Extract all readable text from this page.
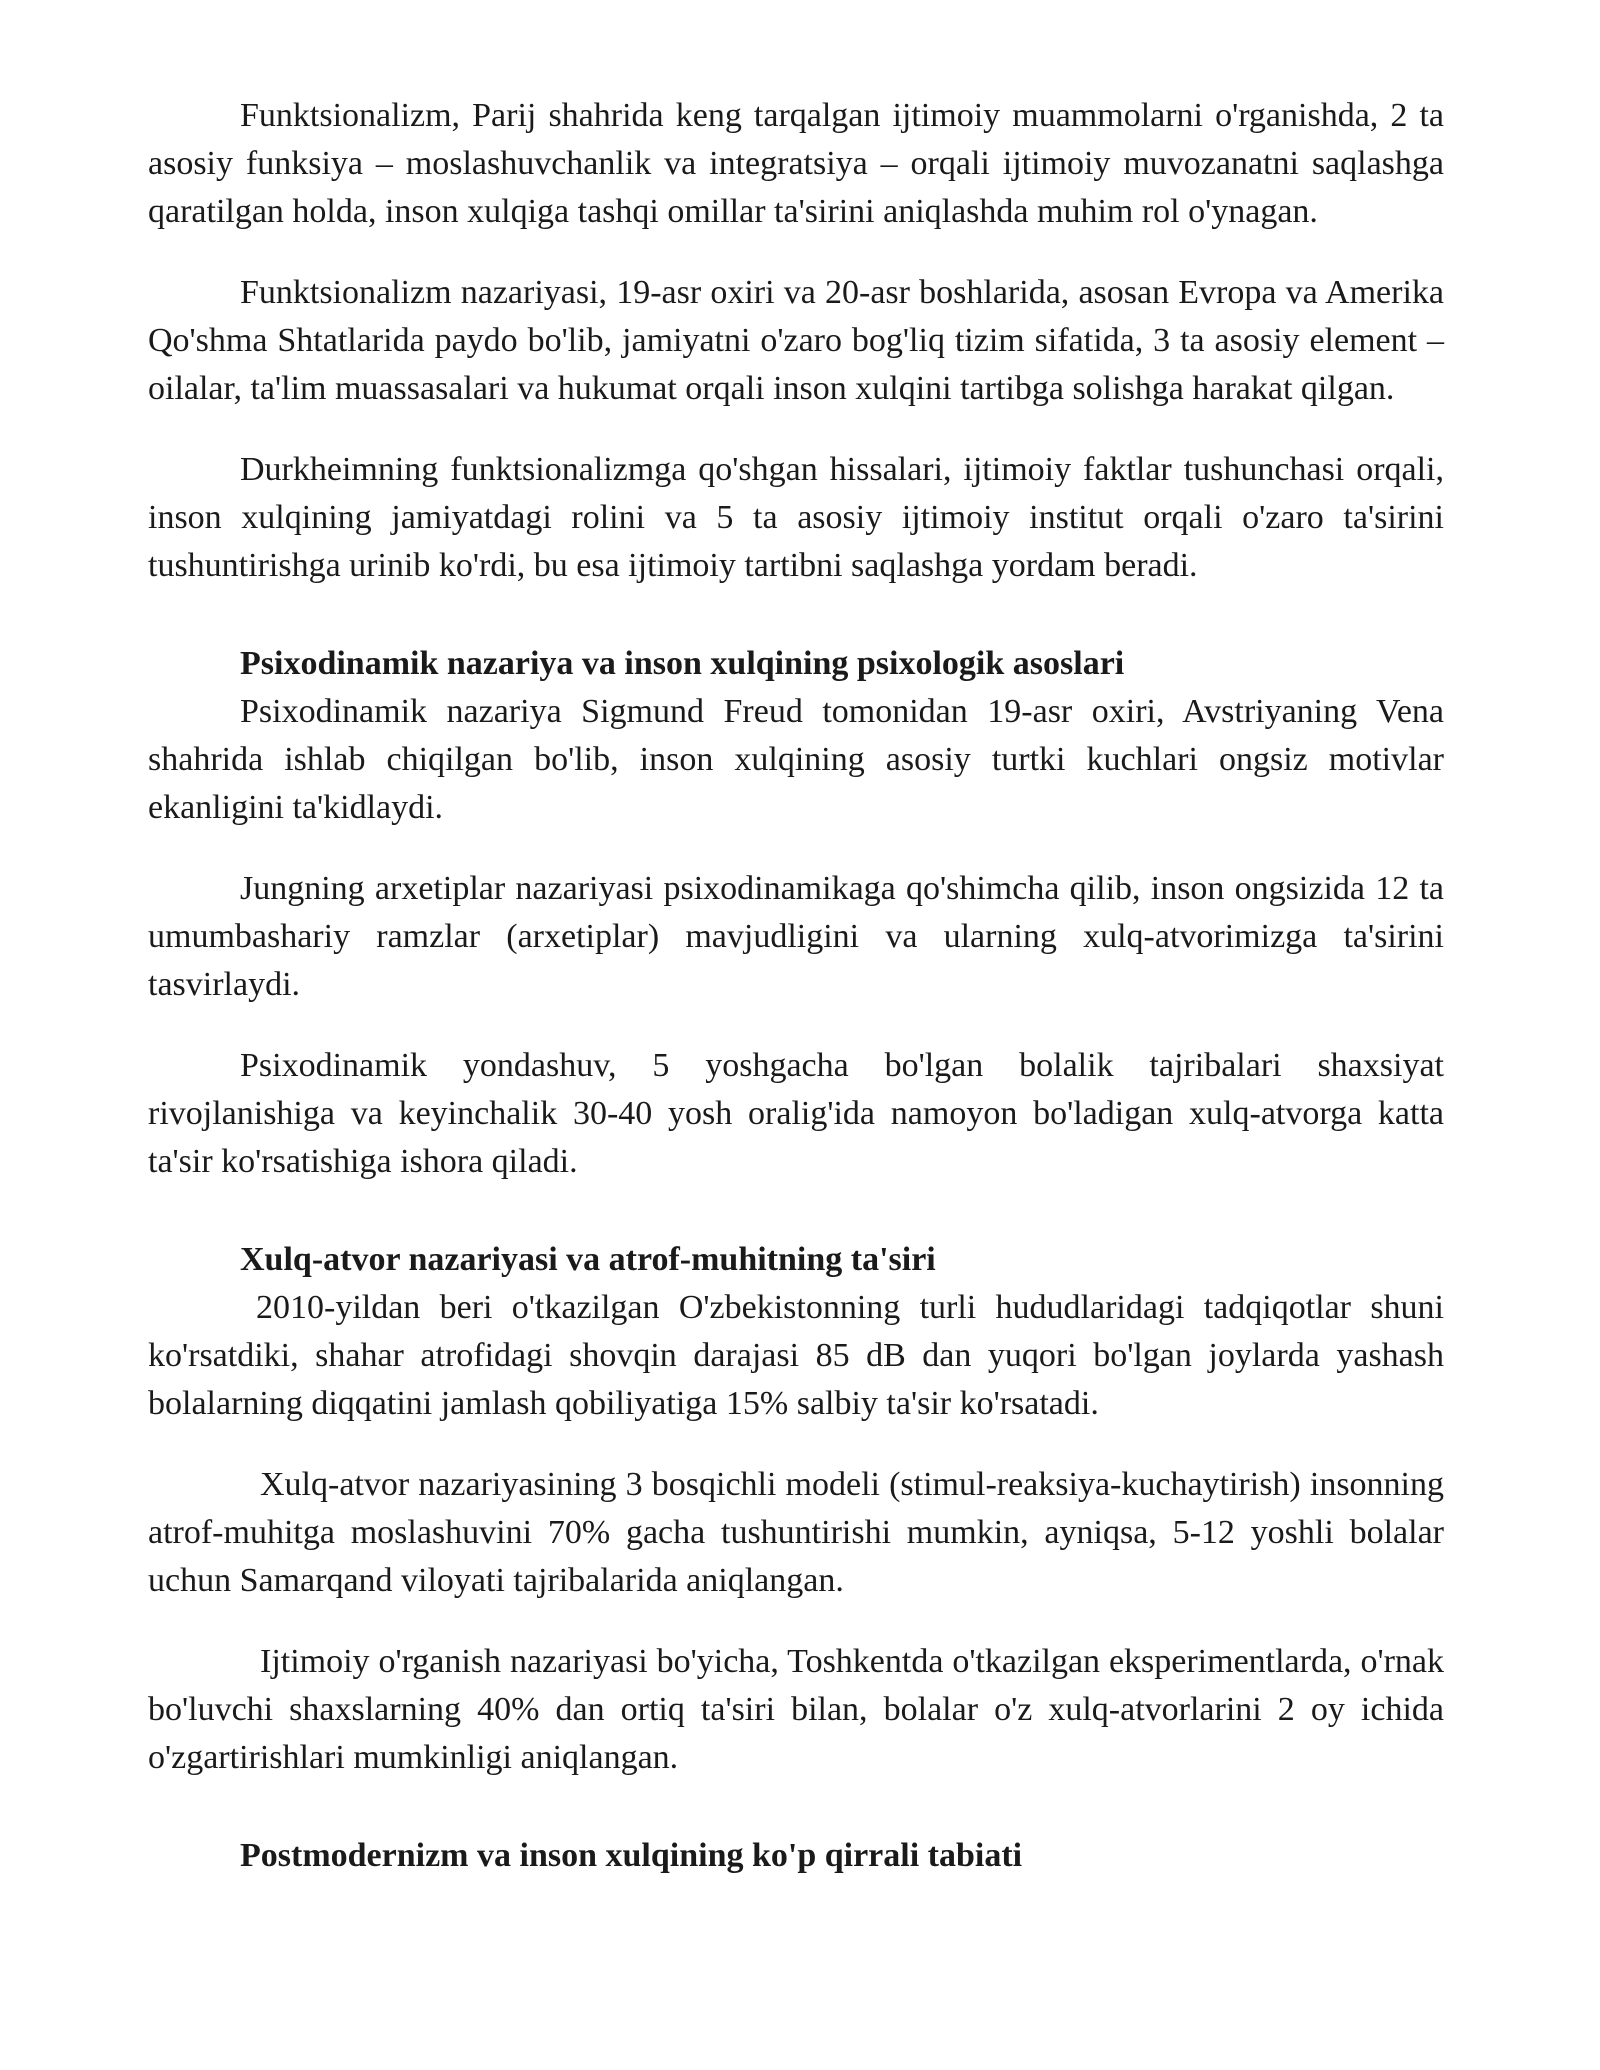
Funktsionalizm, Parij shahrida keng tarqalgan ijtimoiy muammolarni o'rganishda, 2 ta asosiy funksiya – moslashuvchanlik va integratsiya – orqali ijtimoiy muvozanatni saqlashga qaratilgan holda, inson xulqiga tashqi omillar ta'sirini aniqlashda muhim rol o'ynagan.

Funktsionalizm nazariyasi, 19-asr oxiri va 20-asr boshlarida, asosan Evropa va Amerika Qo'shma Shtatlarida paydo bo'lib, jamiyatni o'zaro bog'liq tizim sifatida, 3 ta asosiy element – oilalar, ta'lim muassasalari va hukumat orqali inson xulqini tartibga solishga harakat qilgan.

Durkheimning funktsionalizmga qo'shgan hissalari, ijtimoiy faktlar tushunchasi orqali, inson xulqining jamiyatdagi rolini va 5 ta asosiy ijtimoiy institut orqali o'zaro ta'sirini tushuntirishga urinib ko'rdi, bu esa ijtimoiy tartibni saqlashga yordam beradi.

Psixodinamik nazariya va inson xulqining psixologik asoslari

Psixodinamik nazariya Sigmund Freud tomonidan 19-asr oxiri, Avstriyaning Vena shahrida ishlab chiqilgan bo'lib, inson xulqining asosiy turtki kuchlari ongsiz motivlar ekanligini ta'kidlaydi.

Jungning arxetiplar nazariyasi psixodinamikaga qo'shimcha qilib, inson ongsizida 12 ta umumbashariy ramzlar (arxetiplar) mavjudligini va ularning xulq-atvorimizga ta'sirini tasvirlaydi.

Psixodinamik yondashuv, 5 yoshgacha bo'lgan bolalik tajribalari shaxsiyat rivojlanishiga va keyinchalik 30-40 yosh oralig'ida namoyon bo'ladigan xulq-atvorga katta ta'sir ko'rsatishiga ishora qiladi.

Xulq-atvor nazariyasi va atrof-muhitning ta'siri

2010-yildan beri o'tkazilgan O'zbekistonning turli hududlaridagi tadqiqotlar shuni ko'rsatdiki, shahar atrofidagi shovqin darajasi 85 dB dan yuqori bo'lgan joylarda yashash bolalarning diqqatini jamlash qobiliyatiga 15% salbiy ta'sir ko'rsatadi.

Xulq-atvor nazariyasining 3 bosqichli modeli (stimul-reaksiya-kuchaytirish) insonning atrof-muhitga moslashuvini 70% gacha tushuntirishi mumkin, ayniqsa, 5-12 yoshli bolalar uchun Samarqand viloyati tajribalarida aniqlangan.

Ijtimoiy o'rganish nazariyasi bo'yicha, Toshkentda o'tkazilgan eksperimentlarda, o'rnak bo'luvchi shaxslarning 40% dan ortiq ta'siri bilan, bolalar o'z xulq-atvorlarini 2 oy ichida o'zgartirishlari mumkinligi aniqlangan.

Postmodernizm va inson xulqining ko'p qirrali tabiati
